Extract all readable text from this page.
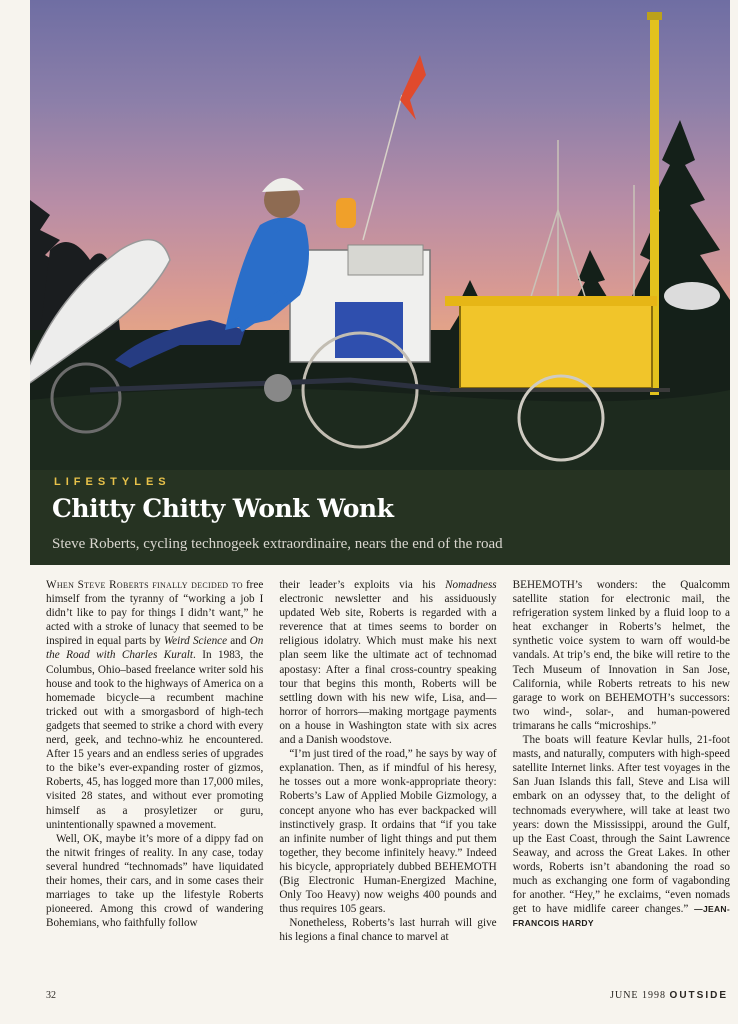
LIFESTYLES
Chitty Chitty Wonk Wonk

Steve Roberts, cycling technogeek extraordinaire, nears the end of the road

When Steve Roberts finally decided to free himself from the tyranny of “working a job I didn’t like to pay for things I didn’t want,” he acted with a stroke of lunacy that seemed to be inspired in equal parts by Weird Science and On the Road with Charles Kuralt. In 1983, the Columbus, Ohio–based freelance writer sold his house and took to the highways of America on a homemade bicycle—a recumbent machine tricked out with a smorgasbord of high-tech gadgets that seemed to strike a chord with every nerd, geek, and techno-whiz he encountered. After 15 years and an endless series of upgrades to the bike’s ever-expanding roster of gizmos, Roberts, 45, has logged more than 17,000 miles, visited 28 states, and without ever promoting himself as a prosyletizer or guru, unintentionally spawned a movement.

Well, OK, maybe it’s more of a dippy fad on the nitwit fringes of reality. In any case, today several hundred “technomads” have liquidated their homes, their cars, and in some cases their marriages to take up the lifestyle Roberts pioneered. Among this crowd of wandering Bohemians, who faithfully follow

their leader’s exploits via his Nomadness electronic newsletter and his assiduously updated Web site, Roberts is regarded with a reverence that at times seems to border on religious idolatry. Which must make his next plan seem like the ultimate act of technomad apostasy: After a final cross-country speaking tour that begins this month, Roberts will be settling down with his new wife, Lisa, and—horror of horrors—making mortgage payments on a house in Washington state with six acres and a Danish woodstove.

“I’m just tired of the road,” he says by way of explanation. Then, as if mindful of his heresy, he tosses out a more wonk-appropriate theory: Roberts’s Law of Applied Mobile Gizmology, a concept anyone who has ever backpacked will instinctively grasp. It ordains that “if you take an infinite number of light things and put them together, they become infinitely heavy.” Indeed his bicycle, appropriately dubbed BEHEMOTH (Big Electronic Human-Energized Machine, Only Too Heavy) now weighs 400 pounds and thus requires 105 gears.

Nonetheless, Roberts’s last hurrah will give his legions a final chance to marvel at

BEHEMOTH’s wonders: the Qualcomm satellite station for electronic mail, the refrigeration system linked by a fluid loop to a heat exchanger in Roberts’s helmet, the synthetic voice system to warn off would-be vandals. At trip’s end, the bike will retire to the Tech Museum of Innovation in San Jose, California, while Roberts retreats to his new garage to work on BEHEMOTH’s successors: two wind-, solar-, and human-powered trimarans he calls “microships.”

The boats will feature Kevlar hulls, 21-foot masts, and naturally, computers with high-speed satellite Internet links. After test voyages in the San Juan Islands this fall, Steve and Lisa will embark on an odyssey that, to the delight of technomads everywhere, will take at least two years: down the Mississippi, around the Gulf, up the East Coast, through the Saint Lawrence Seaway, and across the Great Lakes. In other words, Roberts isn’t abandoning the road so much as exchanging one form of vagabonding for another. “Hey,” he exclaims, “even nomads get to have midlife career changes.” —JEAN-FRANCOIS HARDY

32	JUNE 1998 OUTSIDE
